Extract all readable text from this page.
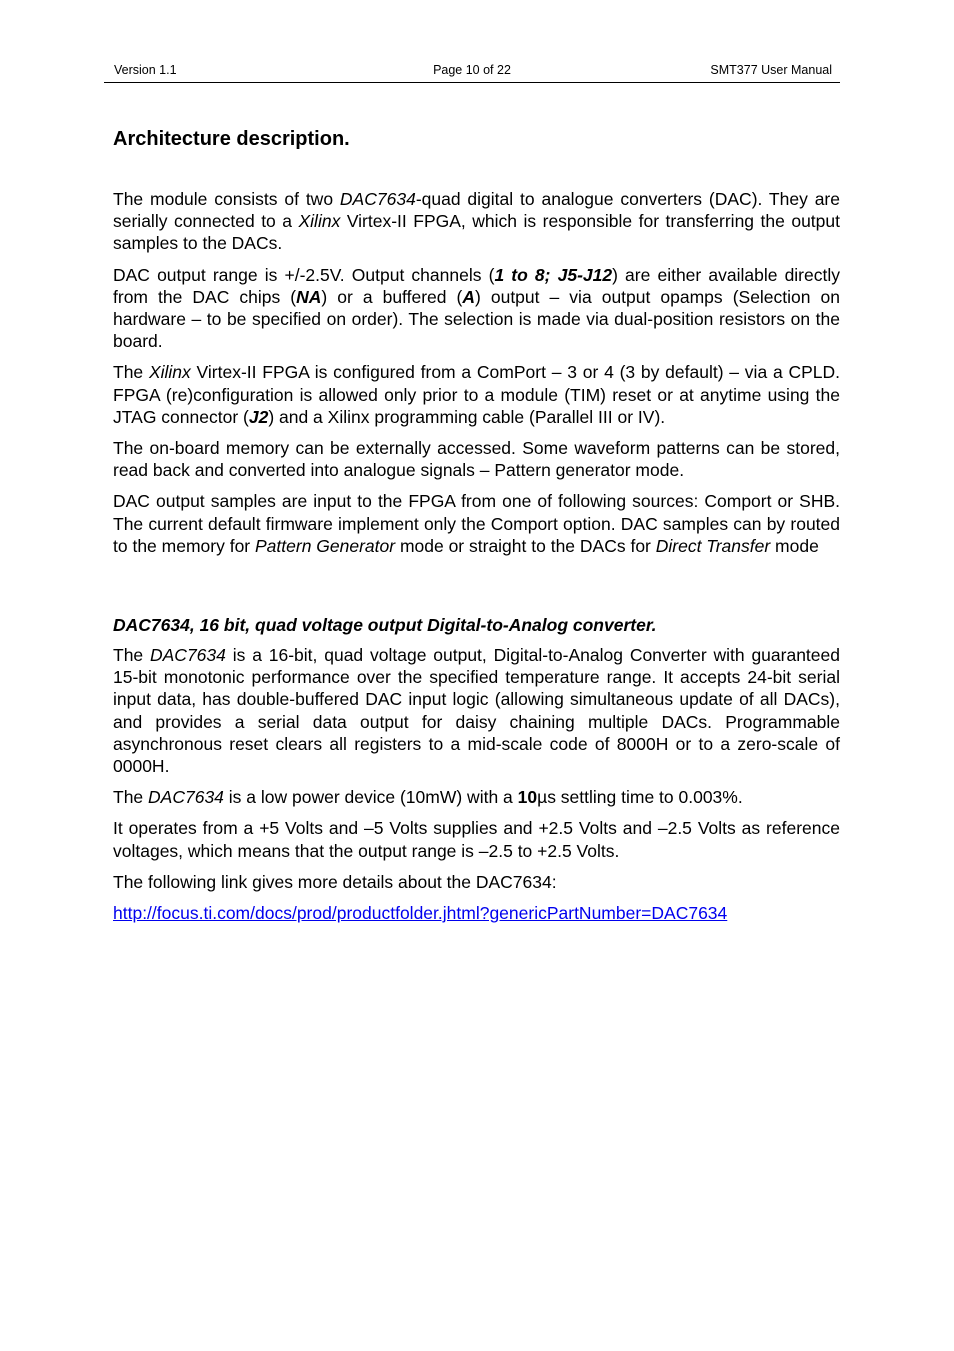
Version 1.1	Page 10 of 22	SMT377 User Manual
Architecture description.

The module consists of two DAC7634-quad digital to analogue converters (DAC). They are serially connected to a Xilinx Virtex-II FPGA, which is responsible for transferring the output samples to the DACs.

DAC output range is +/-2.5V. Output channels (1 to 8; J5-J12) are either available directly from the DAC chips (NA) or a buffered (A) output – via output opamps (Selection on hardware – to be specified on order). The selection is made via dual-position resistors on the board.

The Xilinx Virtex-II FPGA is configured from a ComPort – 3 or 4 (3 by default) – via a CPLD. FPGA (re)configuration is allowed only prior to a module (TIM) reset or at anytime using the JTAG connector (J2) and a Xilinx programming cable (Parallel III or IV).

The on-board memory can be externally accessed. Some waveform patterns can be stored, read back and converted into analogue signals – Pattern generator mode.

DAC output samples are input to the FPGA from one of following sources: Comport or SHB. The current default firmware implement only the Comport option. DAC samples can by routed to the memory for Pattern Generator mode or straight to the DACs for Direct Transfer mode

DAC7634, 16 bit, quad voltage output Digital-to-Analog converter.

The DAC7634 is a 16-bit, quad voltage output, Digital-to-Analog Converter with guaranteed 15-bit monotonic performance over the specified temperature range. It accepts 24-bit serial input data, has double-buffered DAC input logic (allowing simultaneous update of all DACs), and provides a serial data output for daisy chaining multiple DACs. Programmable asynchronous reset clears all registers to a mid-scale code of 8000H or to a zero-scale of 0000H.

The DAC7634 is a low power device (10mW) with a 10µs settling time to 0.003%.

It operates from a +5 Volts and –5 Volts supplies and +2.5 Volts and –2.5 Volts as reference voltages, which means that the output range is –2.5 to +2.5 Volts.

The following link gives more details about the DAC7634:

http://focus.ti.com/docs/prod/productfolder.jhtml?genericPartNumber=DAC7634
